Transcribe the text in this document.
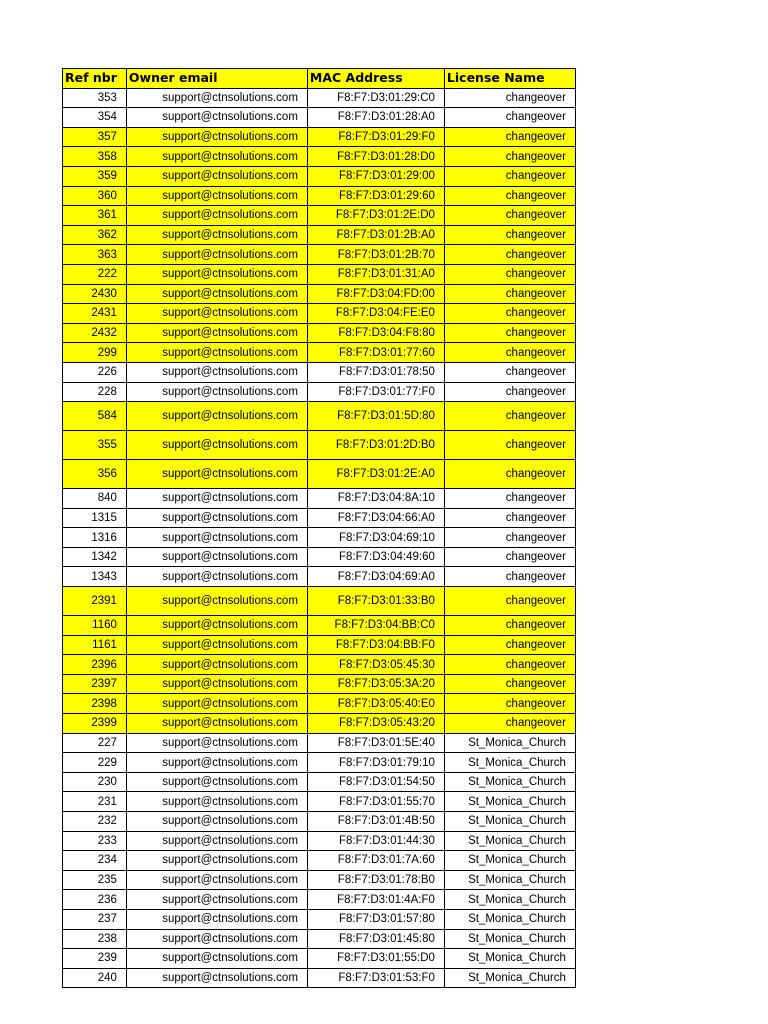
Ref nbr	Owner email	MAC Address	License Name
353	support@ctnsolutions.com	F8:F7:D3:01:29:C0	changeover
354	support@ctnsolutions.com	F8:F7:D3:01:28:A0	changeover
357	support@ctnsolutions.com	F8:F7:D3:01:29:F0	changeover
358	support@ctnsolutions.com	F8:F7:D3:01:28:D0	changeover
359	support@ctnsolutions.com	F8:F7:D3:01:29:00	changeover
360	support@ctnsolutions.com	F8:F7:D3:01:29:60	changeover
361	support@ctnsolutions.com	F8:F7:D3:01:2E:D0	changeover
362	support@ctnsolutions.com	F8:F7:D3:01:2B:A0	changeover
363	support@ctnsolutions.com	F8:F7:D3:01:2B:70	changeover
222	support@ctnsolutions.com	F8:F7:D3:01:31:A0	changeover
2430	support@ctnsolutions.com	F8:F7:D3:04:FD:00	changeover
2431	support@ctnsolutions.com	F8:F7:D3:04:FE:E0	changeover
2432	support@ctnsolutions.com	F8:F7:D3:04:F8:80	changeover
299	support@ctnsolutions.com	F8:F7:D3:01:77:60	changeover
226	support@ctnsolutions.com	F8:F7:D3:01:78:50	changeover
228	support@ctnsolutions.com	F8:F7:D3:01:77:F0	changeover
584	support@ctnsolutions.com	F8:F7:D3:01:5D:80	changeover
355	support@ctnsolutions.com	F8:F7:D3:01:2D:B0	changeover
356	support@ctnsolutions.com	F8:F7:D3:01:2E:A0	changeover
840	support@ctnsolutions.com	F8:F7:D3:04:8A:10	changeover
1315	support@ctnsolutions.com	F8:F7:D3:04:66:A0	changeover
1316	support@ctnsolutions.com	F8:F7:D3:04:69:10	changeover
1342	support@ctnsolutions.com	F8:F7:D3:04:49:60	changeover
1343	support@ctnsolutions.com	F8:F7:D3:04:69:A0	changeover
2391	support@ctnsolutions.com	F8:F7:D3:01:33:B0	changeover
1160	support@ctnsolutions.com	F8:F7:D3:04:BB:C0	changeover
1161	support@ctnsolutions.com	F8:F7:D3:04:BB:F0	changeover
2396	support@ctnsolutions.com	F8:F7:D3:05:45:30	changeover
2397	support@ctnsolutions.com	F8:F7:D3:05:3A:20	changeover
2398	support@ctnsolutions.com	F8:F7:D3:05:40:E0	changeover
2399	support@ctnsolutions.com	F8:F7:D3:05:43:20	changeover
227	support@ctnsolutions.com	F8:F7:D3:01:5E:40	St_Monica_Church
229	support@ctnsolutions.com	F8:F7:D3:01:79:10	St_Monica_Church
230	support@ctnsolutions.com	F8:F7:D3:01:54:50	St_Monica_Church
231	support@ctnsolutions.com	F8:F7:D3:01:55:70	St_Monica_Church
232	support@ctnsolutions.com	F8:F7:D3:01:4B:50	St_Monica_Church
233	support@ctnsolutions.com	F8:F7:D3:01:44:30	St_Monica_Church
234	support@ctnsolutions.com	F8:F7:D3:01:7A:60	St_Monica_Church
235	support@ctnsolutions.com	F8:F7:D3:01:78:B0	St_Monica_Church
236	support@ctnsolutions.com	F8:F7:D3:01:4A:F0	St_Monica_Church
237	support@ctnsolutions.com	F8:F7:D3:01:57:80	St_Monica_Church
238	support@ctnsolutions.com	F8:F7:D3:01:45:80	St_Monica_Church
239	support@ctnsolutions.com	F8:F7:D3:01:55:D0	St_Monica_Church
240	support@ctnsolutions.com	F8:F7:D3:01:53:F0	St_Monica_Church
